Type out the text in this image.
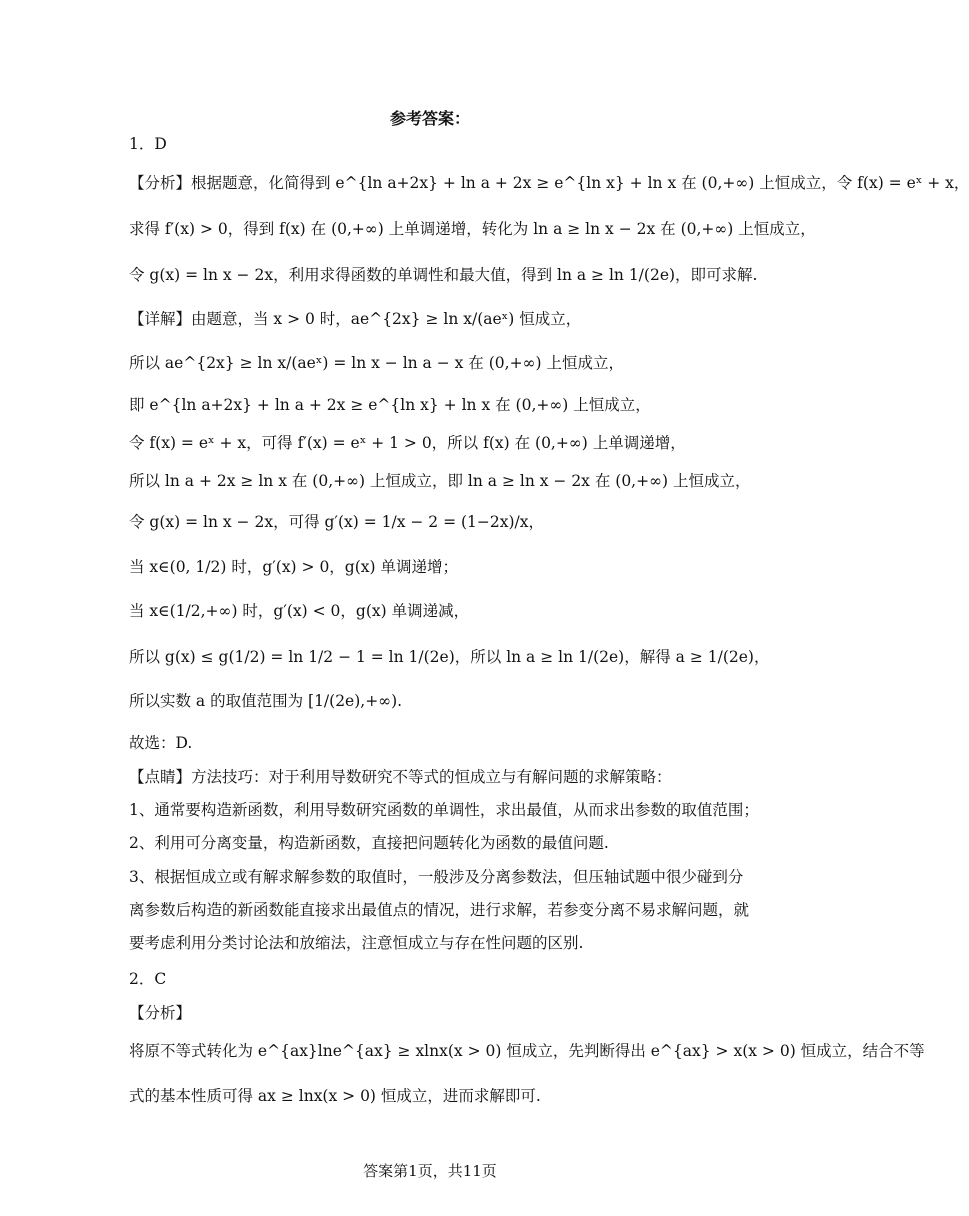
参考答案：
1．D
【分析】根据题意，化简得到 e^{ln a+2x} + ln a + 2x ≥ e^{ln x} + ln x 在 (0,+∞) 上恒成立，令 f(x) = eˣ + x，
求得 f′(x) > 0，得到 f(x) 在 (0,+∞) 上单调递增，转化为 ln a ≥ ln x − 2x 在 (0,+∞) 上恒成立，
令 g(x) = ln x − 2x，利用求得函数的单调性和最大值，得到 ln a ≥ ln 1/(2e)，即可求解.
【详解】由题意，当 x > 0 时，ae^{2x} ≥ ln x/(aeˣ) 恒成立，
所以 ae^{2x} ≥ ln x/(aeˣ) = ln x − ln a − x 在 (0,+∞) 上恒成立，
即 e^{ln a+2x} + ln a + 2x ≥ e^{ln x} + ln x 在 (0,+∞) 上恒成立，
令 f(x) = eˣ + x，可得 f′(x) = eˣ + 1 > 0，所以 f(x) 在 (0,+∞) 上单调递增，
所以 ln a + 2x ≥ ln x 在 (0,+∞) 上恒成立，即 ln a ≥ ln x − 2x 在 (0,+∞) 上恒成立，
令 g(x) = ln x − 2x，可得 g′(x) = 1/x − 2 = (1−2x)/x，
当 x∈(0, 1/2) 时，g′(x) > 0，g(x) 单调递增；
当 x∈(1/2,+∞) 时，g′(x) < 0，g(x) 单调递减，
所以 g(x) ≤ g(1/2) = ln 1/2 − 1 = ln 1/(2e)，所以 ln a ≥ ln 1/(2e)，解得 a ≥ 1/(2e)，
所以实数 a 的取值范围为 [1/(2e),+∞).
故选：D.
【点睛】方法技巧：对于利用导数研究不等式的恒成立与有解问题的求解策略：
1、通常要构造新函数，利用导数研究函数的单调性，求出最值，从而求出参数的取值范围；
2、利用可分离变量，构造新函数，直接把问题转化为函数的最值问题.
3、根据恒成立或有解求解参数的取值时，一般涉及分离参数法，但压轴试题中很少碰到分
离参数后构造的新函数能直接求出最值点的情况，进行求解，若参变分离不易求解问题，就
要考虑利用分类讨论法和放缩法，注意恒成立与存在性问题的区别.
2．C
【分析】
将原不等式转化为 e^{ax}lne^{ax} ≥ xlnx(x > 0) 恒成立，先判断得出 e^{ax} > x(x > 0) 恒成立，结合不等
式的基本性质可得 ax ≥ lnx(x > 0) 恒成立，进而求解即可.
答案第1页，共11页
